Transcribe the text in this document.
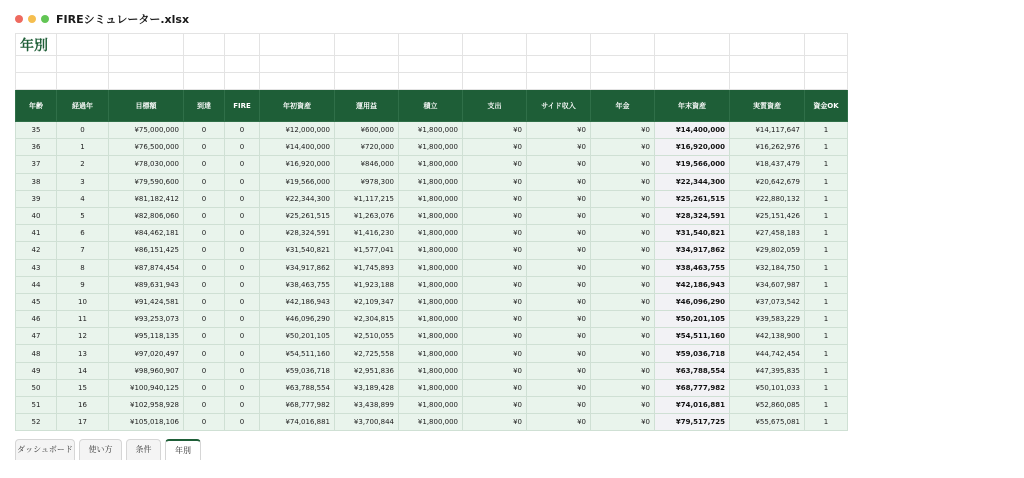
FIREシミュレーター.xlsx
年別													

年齢	経過年	目標額	到達	FIRE	年初資産	運用益	積立	支出	サイド収入	年金	年末資産	実質資産	資金OK
35	0	¥75,000,000	0	0	¥12,000,000	¥600,000	¥1,800,000	¥0	¥0	¥0	¥14,400,000	¥14,117,647	1
36	1	¥76,500,000	0	0	¥14,400,000	¥720,000	¥1,800,000	¥0	¥0	¥0	¥16,920,000	¥16,262,976	1
37	2	¥78,030,000	0	0	¥16,920,000	¥846,000	¥1,800,000	¥0	¥0	¥0	¥19,566,000	¥18,437,479	1
38	3	¥79,590,600	0	0	¥19,566,000	¥978,300	¥1,800,000	¥0	¥0	¥0	¥22,344,300	¥20,642,679	1
39	4	¥81,182,412	0	0	¥22,344,300	¥1,117,215	¥1,800,000	¥0	¥0	¥0	¥25,261,515	¥22,880,132	1
40	5	¥82,806,060	0	0	¥25,261,515	¥1,263,076	¥1,800,000	¥0	¥0	¥0	¥28,324,591	¥25,151,426	1
41	6	¥84,462,181	0	0	¥28,324,591	¥1,416,230	¥1,800,000	¥0	¥0	¥0	¥31,540,821	¥27,458,183	1
42	7	¥86,151,425	0	0	¥31,540,821	¥1,577,041	¥1,800,000	¥0	¥0	¥0	¥34,917,862	¥29,802,059	1
43	8	¥87,874,454	0	0	¥34,917,862	¥1,745,893	¥1,800,000	¥0	¥0	¥0	¥38,463,755	¥32,184,750	1
44	9	¥89,631,943	0	0	¥38,463,755	¥1,923,188	¥1,800,000	¥0	¥0	¥0	¥42,186,943	¥34,607,987	1
45	10	¥91,424,581	0	0	¥42,186,943	¥2,109,347	¥1,800,000	¥0	¥0	¥0	¥46,096,290	¥37,073,542	1
46	11	¥93,253,073	0	0	¥46,096,290	¥2,304,815	¥1,800,000	¥0	¥0	¥0	¥50,201,105	¥39,583,229	1
47	12	¥95,118,135	0	0	¥50,201,105	¥2,510,055	¥1,800,000	¥0	¥0	¥0	¥54,511,160	¥42,138,900	1
48	13	¥97,020,497	0	0	¥54,511,160	¥2,725,558	¥1,800,000	¥0	¥0	¥0	¥59,036,718	¥44,742,454	1
49	14	¥98,960,907	0	0	¥59,036,718	¥2,951,836	¥1,800,000	¥0	¥0	¥0	¥63,788,554	¥47,395,835	1
50	15	¥100,940,125	0	0	¥63,788,554	¥3,189,428	¥1,800,000	¥0	¥0	¥0	¥68,777,982	¥50,101,033	1
51	16	¥102,958,928	0	0	¥68,777,982	¥3,438,899	¥1,800,000	¥0	¥0	¥0	¥74,016,881	¥52,860,085	1
52	17	¥105,018,106	0	0	¥74,016,881	¥3,700,844	¥1,800,000	¥0	¥0	¥0	¥79,517,725	¥55,675,081	1
ダッシュボード	使い方	条件	年別
